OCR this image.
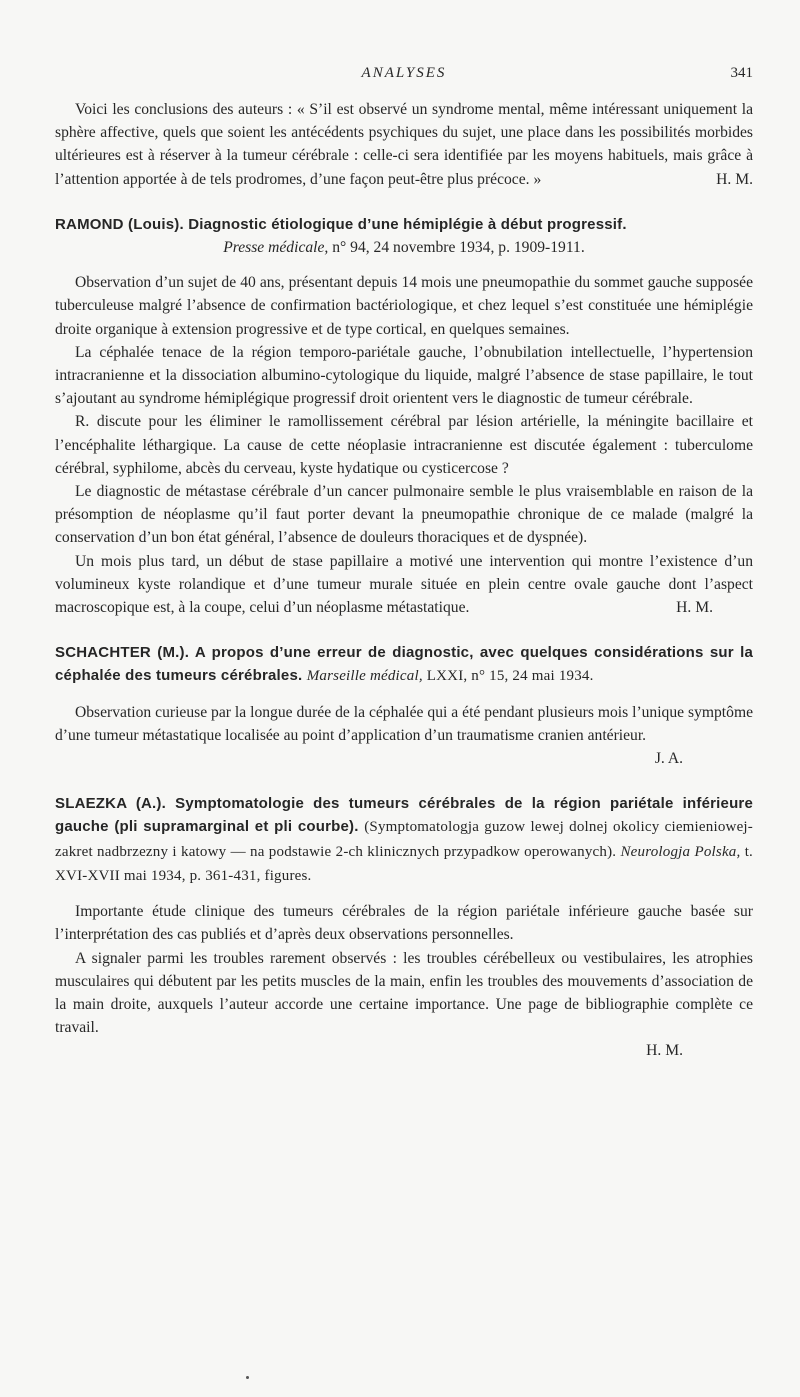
ANALYSES	341

Voici les conclusions des auteurs : « S’il est observé un syndrome mental, même intéressant uniquement la sphère affective, quels que soient les antécédents psychiques du sujet, une place dans les possibilités morbides ultérieures est à réserver à la tumeur cérébrale : celle-ci sera identifiée par les moyens habituels, mais grâce à l’attention apportée à de tels prodromes, d’une façon peut-être plus précoce. »	H. M.

RAMOND (Louis). Diagnostic étiologique d’une hémiplégie à début progressif.

Presse médicale, n° 94, 24 novembre 1934, p. 1909-1911.

Observation d’un sujet de 40 ans, présentant depuis 14 mois une pneumopathie du sommet gauche supposée tuberculeuse malgré l’absence de confirmation bactériologique, et chez lequel s’est constituée une hémiplégie droite organique à extension progressive et de type cortical, en quelques semaines.

La céphalée tenace de la région temporo-pariétale gauche, l’obnubilation intellectuelle, l’hypertension intracranienne et la dissociation albumino-cytologique du liquide, malgré l’absence de stase papillaire, le tout s’ajoutant au syndrome hémiplégique progressif droit orientent vers le diagnostic de tumeur cérébrale.

R. discute pour les éliminer le ramollissement cérébral par lésion artérielle, la méningite bacillaire et l’encéphalite léthargique. La cause de cette néoplasie intracranienne est discutée également : tuberculome cérébral, syphilome, abcès du cerveau, kyste hydatique ou cysticercose ?

Le diagnostic de métastase cérébrale d’un cancer pulmonaire semble le plus vraisemblable en raison de la présomption de néoplasme qu’il faut porter devant la pneumopathie chronique de ce malade (malgré la conservation d’un bon état général, l’absence de douleurs thoraciques et de dyspnée).

Un mois plus tard, un début de stase papillaire a motivé une intervention qui montre l’existence d’un volumineux kyste rolandique et d’une tumeur murale située en plein centre ovale gauche dont l’aspect macroscopique est, à la coupe, celui d’un néoplasme métastatique.	H. M.

SCHACHTER (M.). A propos d’une erreur de diagnostic, avec quelques considérations sur la céphalée des tumeurs cérébrales. Marseille médical, LXXI, n° 15, 24 mai 1934.

Observation curieuse par la longue durée de la céphalée qui a été pendant plusieurs mois l’unique symptôme d’une tumeur métastatique localisée au point d’application d’un traumatisme cranien antérieur.
J. A.

SLAEZKA (A.). Symptomatologie des tumeurs cérébrales de la région pariétale inférieure gauche (pli supramarginal et pli courbe). (Symptomatologja guzow lewej dolnej okolicy ciemieniowej-zakret nadbrzezny i katowy — na podstawie 2-ch klinicznych przypadkow operowanych). Neurologja Polska, t. XVI-XVII mai 1934, p. 361-431, figures.

Importante étude clinique des tumeurs cérébrales de la région pariétale inférieure gauche basée sur l’interprétation des cas publiés et d’après deux observations personnelles.

A signaler parmi les troubles rarement observés : les troubles cérébelleux ou vestibulaires, les atrophies musculaires qui débutent par les petits muscles de la main, enfin les troubles des mouvements d’association de la main droite, auxquels l’auteur accorde une certaine importance. Une page de bibliographie complète ce travail.

H. M.
